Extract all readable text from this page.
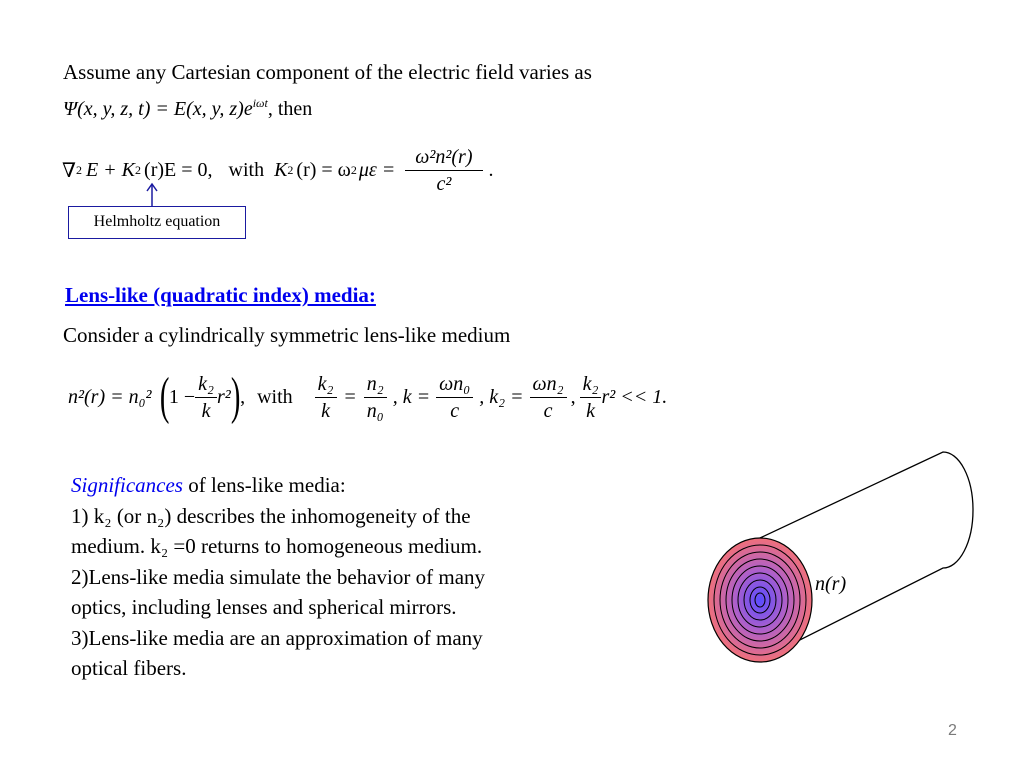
Assume any Cartesian component of the electric field varies as
Ψ(x, y, z, t) = E(x, y, $z)e^{i\omega t}$, then
∇ 2 E + K 2 (r)E = 0, with K 2 (r) = ω 2 $\mu\varepsilon = \frac{\text{ω²n²(r)}}{\text{c²}}$ .
Helmholtz equation
Lens-like (quadratic index) media:
Consider a cylindrically symmetric lens-like medium
n²(r) = n₀² ( $1 - \frac{\text{k₂}}{k} r^2$ ) , with $\frac{\text{k₂}}{k} = \frac{\text{n₂}}{\text{n₀}}$ , $k = \frac{\text{ωn₀}}{c}$ , $k_2 = \frac{\text{ωn₂}}{c}$ , $\frac{\text{k₂}}{k} r^2 << 1$.
Significances of lens-like media:
1) k₂ (or n₂) describes the inhomogeneity of the
medium. k₂ =0 returns to homogeneous medium.
2)Lens-like media simulate the behavior of many
optics, including lenses and spherical mirrors.
3)Lens-like media are an approximation of many
optical fibers.
n(r)
2
